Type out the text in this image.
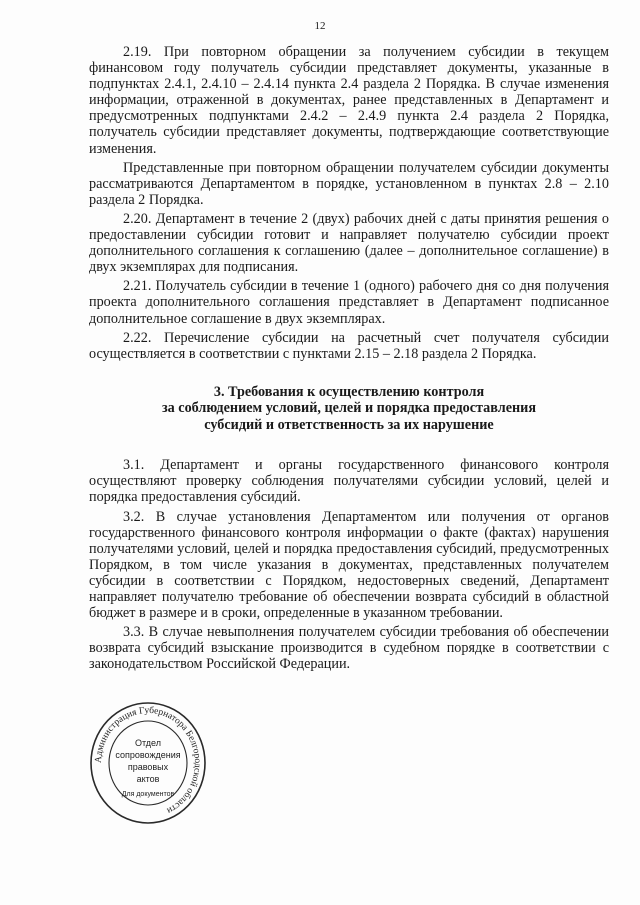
12

2.19. При повторном обращении за получением субсидии в текущем финансовом году получатель субсидии представляет документы, указанные в подпунктах 2.4.1, 2.4.10 – 2.4.14 пункта 2.4 раздела 2 Порядка. В случае изменения информации, отраженной в документах, ранее представленных в Департамент и предусмотренных подпунктами 2.4.2 – 2.4.9 пункта 2.4 раздела 2 Порядка, получатель субсидии представляет документы, подтверждающие соответствующие изменения.

Представленные при повторном обращении получателем субсидии документы рассматриваются Департаментом в порядке, установленном в пунктах 2.8 – 2.10 раздела 2 Порядка.

2.20. Департамент в течение 2 (двух) рабочих дней с даты принятия решения о предоставлении субсидии готовит и направляет получателю субсидии проект дополнительного соглашения к соглашению (далее – дополнительное соглашение) в двух экземплярах для подписания.

2.21. Получатель субсидии в течение 1 (одного) рабочего дня со дня получения проекта дополнительного соглашения представляет в Департамент подписанное дополнительное соглашение в двух экземплярах.

2.22. Перечисление субсидии на расчетный счет получателя субсидии осуществляется в соответствии с пунктами 2.15 – 2.18 раздела 2 Порядка.

3. Требования к осуществлению контроля
за соблюдением условий, целей и порядка предоставления
субсидий и ответственность за их нарушение

3.1. Департамент и органы государственного финансового контроля осуществляют проверку соблюдения получателями субсидии условий, целей и порядка предоставления субсидий.

3.2. В случае установления Департаментом или получения от органов государственного финансового контроля информации о факте (фактах) нарушения получателями условий, целей и порядка предоставления субсидий, предусмотренных Порядком, в том числе указания в документах, представленных получателем субсидии в соответствии с Порядком, недостоверных сведений, Департамент направляет получателю требование об обеспечении возврата субсидий в областной бюджет в размере и в сроки, определенные в указанном требовании.

3.3. В случае невыполнения получателем субсидии требования об обеспечении возврата субсидий взыскание производится в судебном порядке в соответствии с законодательством Российской Федерации.

Администрация Губернатора Белгородской области
Отдел
сопровождения
правовых
актов
Для документов
